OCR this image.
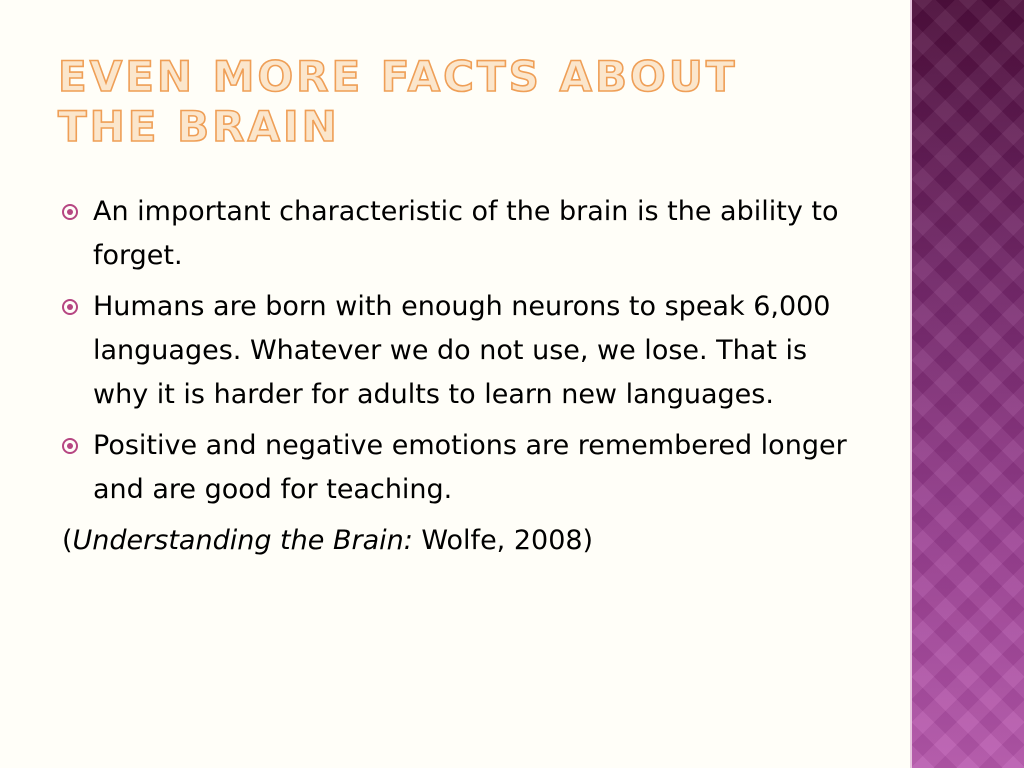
EVEN MORE FACTS ABOUT THE BRAIN
An important characteristic of the brain is the ability to forget.
Humans are born with enough neurons to speak 6,000 languages. Whatever we do not use, we lose. That is why it is harder for adults to learn new languages.
Positive and negative emotions are remembered longer and are good for teaching.
(Understanding the Brain: Wolfe, 2008)
